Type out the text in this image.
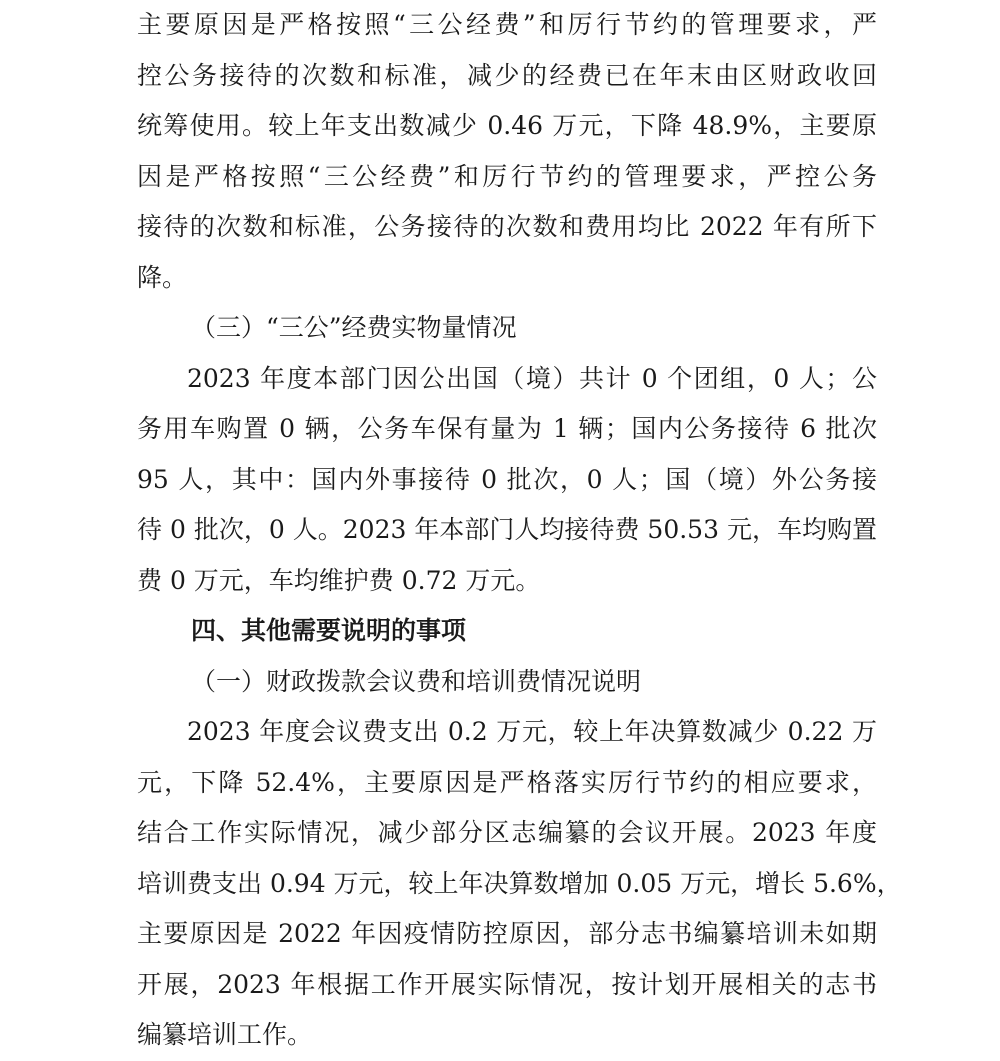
主要原因是严格按照“三公经费”和厉行节约的管理要求，严
控公务接待的次数和标准，减少的经费已在年末由区财政收回
统筹使用。较上年支出数减少 0.46 万元，下降 48.9%，主要原
因是严格按照“三公经费”和厉行节约的管理要求，严控公务
接待的次数和标准，公务接待的次数和费用均比 2022 年有所下
降。
（三）“三公”经费实物量情况
2023 年度本部门因公出国（境）共计 0 个团组，0 人；公
务用车购置 0 辆，公务车保有量为 1 辆；国内公务接待 6 批次
95 人，其中：国内外事接待 0 批次，0 人；国（境）外公务接
待 0 批次，0 人。2023 年本部门人均接待费 50.53 元，车均购置
费 0 万元，车均维护费 0.72 万元。
四、其他需要说明的事项
（一）财政拨款会议费和培训费情况说明
2023 年度会议费支出 0.2 万元，较上年决算数减少 0.22 万
元，下降 52.4%，主要原因是严格落实厉行节约的相应要求，
结合工作实际情况，减少部分区志编纂的会议开展。2023 年度
培训费支出 0.94 万元，较上年决算数增加 0.05 万元，增长 5.6%，
主要原因是 2022 年因疫情防控原因，部分志书编纂培训未如期
开展，2023 年根据工作开展实际情况，按计划开展相关的志书
编纂培训工作。
